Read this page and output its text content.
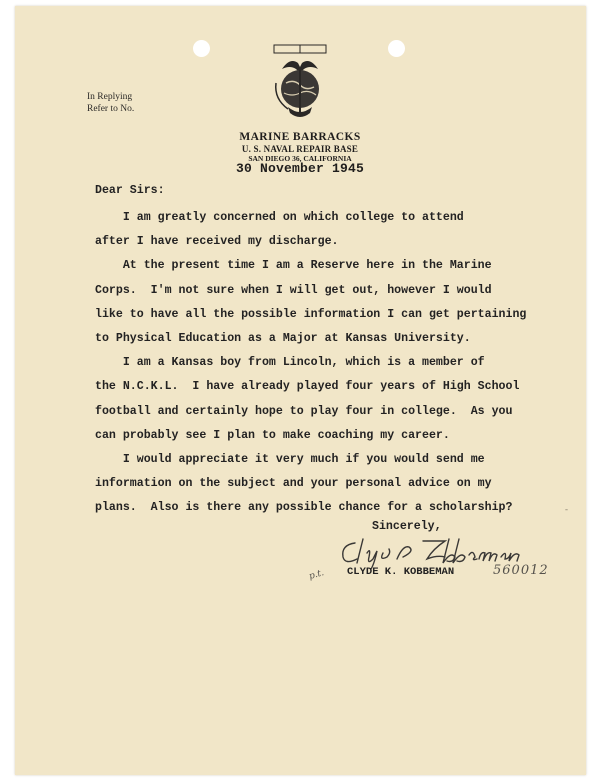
In Replying
Refer to No.
MARINE BARRACKS
U. S. NAVAL REPAIR BASE
SAN DIEGO 36, CALIFORNIA
30 November 1945

Dear Sirs:

I am greatly concerned on which college to attend

after I have received my discharge.

At the present time I am a Reserve here in the Marine

Corps.  I'm not sure when I will get out, however I would

like to have all the possible information I can get pertaining

to Physical Education as a Major at Kansas University.

I am a Kansas boy from Lincoln, which is a member of

the N.C.K.L.  I have already played four years of High School

football and certainly hope to play four in college.  As you

can probably see I plan to make coaching my career.

I would appreciate it very much if you would send me

information on the subject and your personal advice on my

plans.  Also is there any possible chance for a scholarship?

Sincerely,

CLYDE K. KOBBEMAN
p.t.	560012
-
